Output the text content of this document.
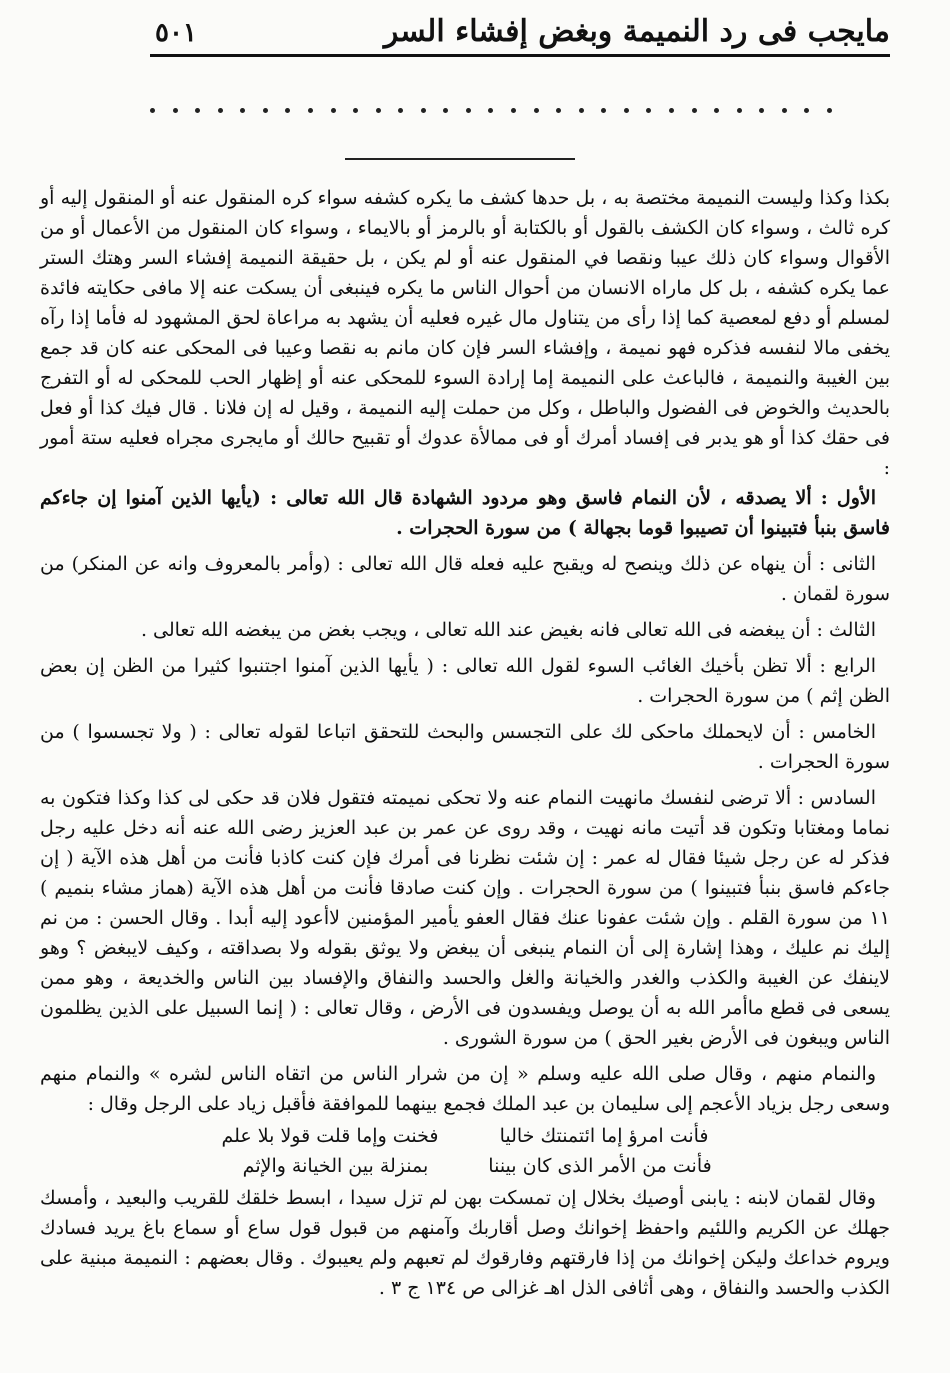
مايجب فى رد النميمة وبغض إفشاء السر
٥٠١

بكذا وكذا وليست النميمة مختصة به ، بل حدها كشف ما يكره كشفه سواء كره المنقول عنه أو المنقول إليه أو كره ثالث ، وسواء كان الكشف بالقول أو بالكتابة أو بالرمز أو بالايماء ، وسواء كان المنقول من الأعمال أو من الأقوال وسواء كان ذلك عيبا ونقصا في المنقول عنه أو لم يكن ، بل حقيقة النميمة إفشاء السر وهتك الستر عما يكره كشفه ، بل كل ماراه الانسان من أحوال الناس ما يكره فينبغى أن يسكت عنه إلا مافى حكايته فائدة لمسلم أو دفع لمعصية كما إذا رأى من يتناول مال غيره فعليه أن يشهد به مراعاة لحق المشهود له فأما إذا رآه يخفى مالا لنفسه فذكره فهو نميمة ، وإفشاء السر فإن كان مانم به نقصا وعيبا فى المحكى عنه كان قد جمع بين الغيبة والنميمة ، فالباعث على النميمة إما إرادة السوء للمحكى عنه أو إظهار الحب للمحكى له أو التفرج بالحديث والخوض فى الفضول والباطل ، وكل من حملت إليه النميمة ، وقيل له إن فلانا . قال فيك كذا أو فعل فى حقك كذا أو هو يدبر فى إفساد أمرك أو فى ممالأة عدوك أو تقبيح حالك أو مايجرى مجراه فعليه ستة أمور :

الأول : ألا يصدقه ، لأن النمام فاسق وهو مردود الشهادة قال الله تعالى : (يأيها الذين آمنوا إن جاءكم فاسق بنبأ فتبينوا أن تصيبوا قوما بجهالة ) من سورة الحجرات .

الثانى : أن ينهاه عن ذلك وينصح له ويقبح عليه فعله قال الله تعالى : (وأمر بالمعروف وانه عن المنكر) من سورة لقمان .

الثالث : أن يبغضه فى الله تعالى فانه بغيض عند الله تعالى ، ويجب بغض من يبغضه الله تعالى .

الرابع : ألا تظن بأخيك الغائب السوء لقول الله تعالى : ( يأيها الذين آمنوا اجتنبوا كثيرا من الظن إن بعض الظن إثم ) من سورة الحجرات .

الخامس : أن لايحملك ماحكى لك على التجسس والبحث للتحقق اتباعا لقوله تعالى : ( ولا تجسسوا ) من سورة الحجرات .

السادس : ألا ترضى لنفسك مانهيت النمام عنه ولا تحكى نميمته فتقول فلان قد حكى لى كذا وكذا فتكون به نماما ومغتابا وتكون قد أتيت مانه نهيت ، وقد روى عن عمر بن عبد العزيز رضى الله عنه أنه دخل عليه رجل فذكر له عن رجل شيئا فقال له عمر : إن شئت نظرنا فى أمرك فإن كنت كاذبا فأنت من أهل هذه الآية ( إن جاءكم فاسق بنبأ فتبينوا ) من سورة الحجرات . وإن كنت صادقا فأنت من أهل هذه الآية (هماز مشاء بنميم ) ١١ من سورة القلم . وإن شئت عفونا عنك فقال العفو يأمير المؤمنين لاأعود إليه أبدا . وقال الحسن : من نم إليك نم عليك ، وهذا إشارة إلى أن النمام ينبغى أن يبغض ولا يوثق بقوله ولا بصداقته ، وكيف لايبغض ؟ وهو لاينفك عن الغيبة والكذب والغدر والخيانة والغل والحسد والنفاق والإفساد بين الناس والخديعة ، وهو ممن يسعى فى قطع ماأمر الله به أن يوصل ويفسدون فى الأرض ، وقال تعالى : ( إنما السبيل على الذين يظلمون الناس ويبغون فى الأرض بغير الحق ) من سورة الشورى .

والنمام منهم ، وقال صلى الله عليه وسلم « إن من شرار الناس من اتقاه الناس لشره » والنمام منهم وسعى رجل بزياد الأعجم إلى سليمان بن عبد الملك فجمع بينهما للموافقة فأقبل زياد على الرجل وقال :

فأنت امرؤ إما ائتمنتك خاليا
فخنت وإما قلت قولا بلا علم
فأنت من الأمر الذى كان بيننا
بمنزلة بين الخيانة والإثم

وقال لقمان لابنه : يابنى أوصيك بخلال إن تمسكت بهن لم تزل سيدا ، ابسط خلقك للقريب والبعيد ، وأمسك جهلك عن الكريم واللئيم واحفظ إخوانك وصل أقاربك وآمنهم من قبول قول ساع أو سماع باغ يريد فسادك ويروم خداعك وليكن إخوانك من إذا فارقتهم وفارقوك لم تعبهم ولم يعيبوك . وقال بعضهم : النميمة مبنية على الكذب والحسد والنفاق ، وهى أثافى الذل اهـ غزالى ص ١٣٤ ج ٣ .
